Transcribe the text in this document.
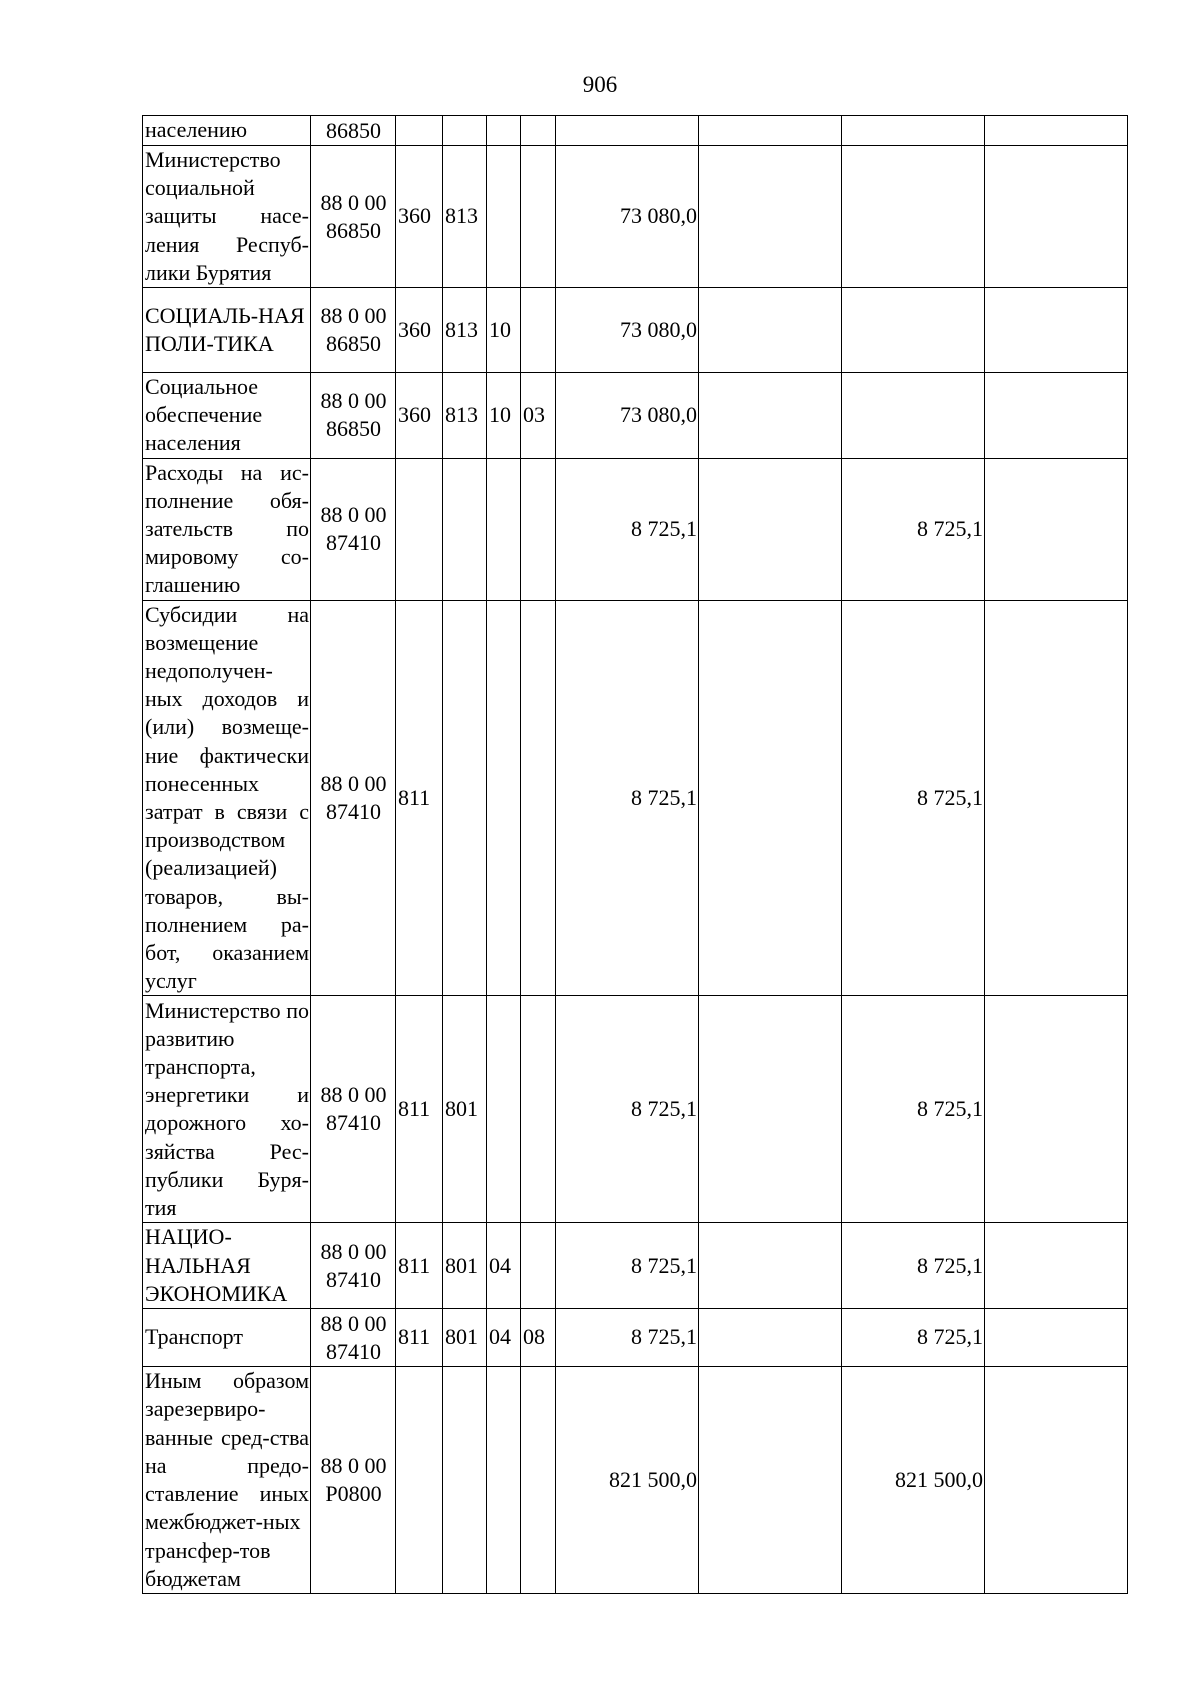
906
населению	86850								
Министерство социальной защиты насе-ления Респуб-лики Бурятия	88 0 00 86850	360	813			73 080,0			
СОЦИАЛЬ-НАЯ ПОЛИ-ТИКА	88 0 00 86850	360	813	10		73 080,0			
Социальное обеспечение населения	88 0 00 86850	360	813	10	03	73 080,0			
Расходы на ис-полнение обя-зательств по мировому со-глашению	88 0 00 87410					8 725,1		8 725,1	
Субсидии на возмещение недополучен-ных доходов и (или) возмеще-ние фактически понесенных затрат в связи с производством (реализацией) товаров, вы-полнением ра-бот, оказанием услуг	88 0 00 87410	811				8 725,1		8 725,1	
Министерство по развитию транспорта, энергетики и дорожного хо-зяйства Рес-публики Буря-тия	88 0 00 87410	811	801			8 725,1		8 725,1	
НАЦИО-НАЛЬНАЯ ЭКОНОМИКА	88 0 00 87410	811	801	04		8 725,1		8 725,1	
Транспорт	88 0 00 87410	811	801	04	08	8 725,1		8 725,1	
Иным образом зарезервиро-ванные сред-ства на предо-ставление иных межбюджет-ных трансфер-тов бюджетам	88 0 00 P0800					821 500,0		821 500,0	
